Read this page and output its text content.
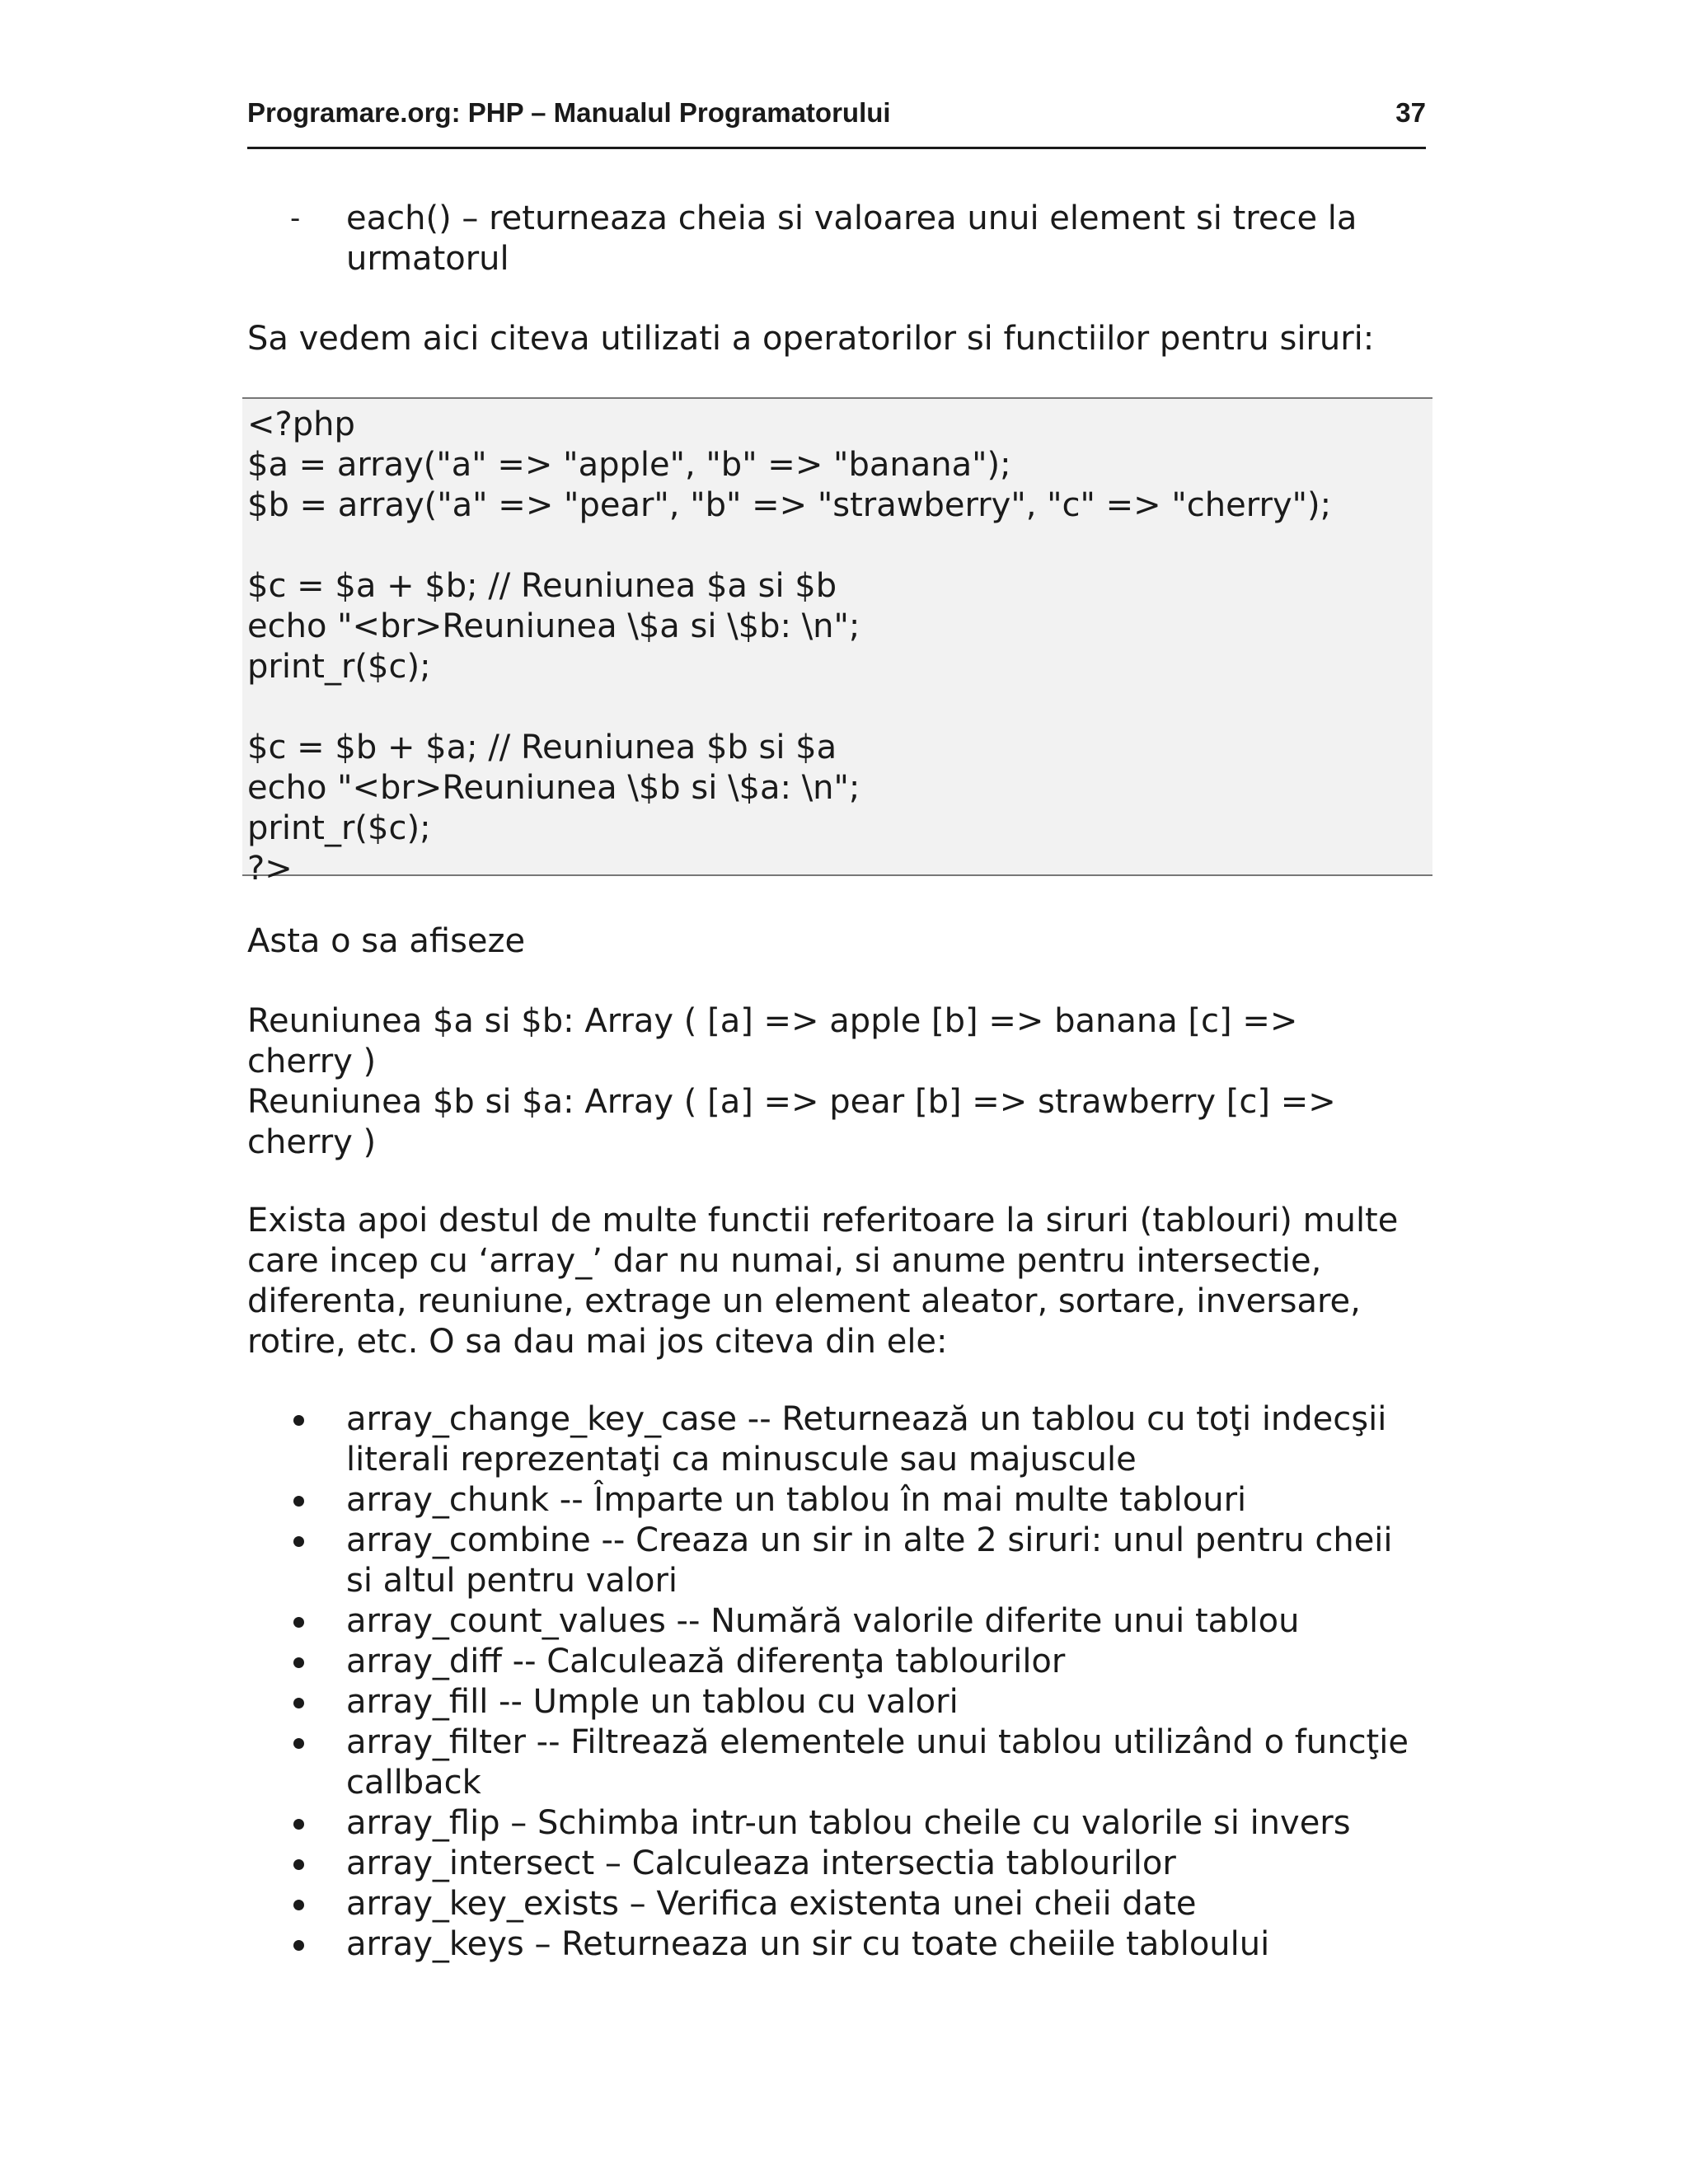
Programare.org: PHP – Manualul Programatorului	37
- each() – returneaza cheia si valoarea unui element si trece la urmatorul
Sa vedem aici citeva utilizati a operatorilor si functiilor pentru siruri:
<?php
$a = array("a" => "apple", "b" => "banana");
$b = array("a" => "pear", "b" => "strawberry", "c" => "cherry");
$c = $a + $b; // Reuniunea $a si $b
echo "<br>Reuniunea \$a si \$b: \n";
print_r($c);
$c = $b + $a; // Reuniunea $b si $a
echo "<br>Reuniunea \$b si \$a: \n";
print_r($c);
?>
Asta o sa afiseze

Reuniunea $a si $b: Array ( [a] => apple [b] => banana [c] => cherry )

Reuniunea $b si $a: Array ( [a] => pear [b] => strawberry [c] => cherry )

Exista apoi destul de multe functii referitoare la siruri (tablouri) multe care incep cu ‘array_’ dar nu numai, si anume pentru intersectie, diferenta, reuniune, extrage un element aleator, sortare, inversare, rotire, etc. O sa dau mai jos citeva din ele:

array_change_key_case -- Returnează un tablou cu toţi indecşii literali reprezentaţi ca minuscule sau majuscule
array_chunk -- Împarte un tablou în mai multe tablouri
array_combine -- Creaza un sir in alte 2 siruri: unul pentru cheii si altul pentru valori
array_count_values -- Numără valorile diferite unui tablou
array_diff -- Calculează diferenţa tablourilor
array_fill -- Umple un tablou cu valori
array_filter -- Filtrează elementele unui tablou utilizând o funcţie callback
array_flip – Schimba intr-un tablou cheile cu valorile si invers
array_intersect – Calculeaza intersectia tablourilor
array_key_exists – Verifica existenta unei cheii date
array_keys – Returneaza un sir cu toate cheiile tabloului
